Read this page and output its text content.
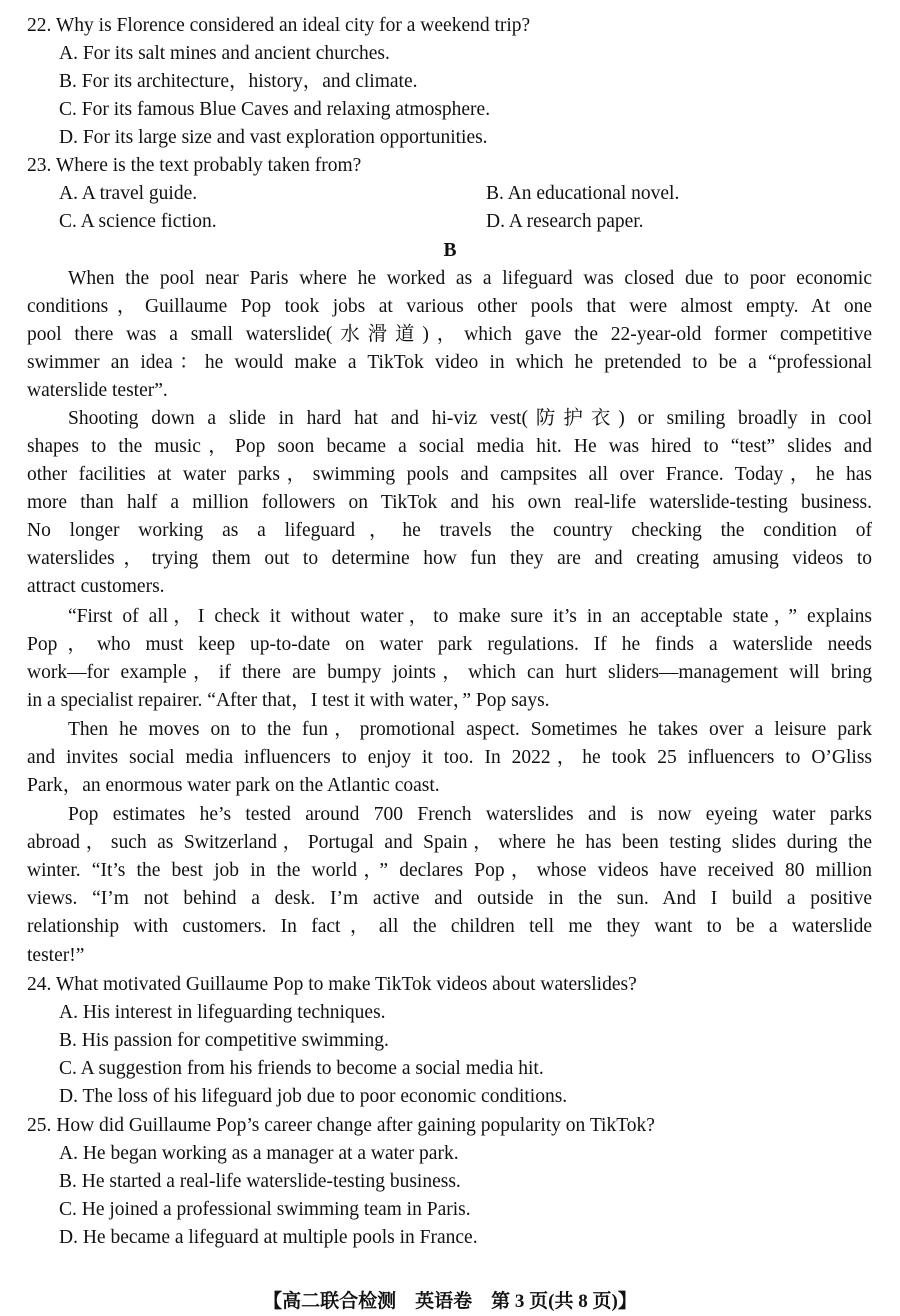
22. Why is Florence considered an ideal city for a weekend trip?
A. For its salt mines and ancient churches.
B. For its architecture，history，and climate.
C. For its famous Blue Caves and relaxing atmosphere.
D. For its large size and vast exploration opportunities.
23. Where is the text probably taken from?
A. A travel guide.	B. An educational novel.
C. A science fiction.	D. A research paper.
B
When the pool near Paris where he worked as a lifeguard was closed due to poor economic
conditions，Guillaume Pop took jobs at various other pools that were almost empty. At one
pool there was a small waterslide(水滑道)，which gave the 22-year-old former competitive
swimmer an idea：he would make a TikTok video in which he pretended to be a “professional
waterslide tester”.
Shooting down a slide in hard hat and hi-viz vest(防护衣) or smiling broadly in cool
shapes to the music，Pop soon became a social media hit. He was hired to “test” slides and
other facilities at water parks，swimming pools and campsites all over France. Today，he has
more than half a million followers on TikTok and his own real-life waterslide-testing business.
No longer working as a lifeguard，he travels the country checking the condition of
waterslides，trying them out to determine how fun they are and creating amusing videos to
attract customers.
“First of all，I check it without water，to make sure it’s in an acceptable state，” explains
Pop，who must keep up-to-date on water park regulations. If he finds a waterslide needs
work—for example，if there are bumpy joints，which can hurt sliders—management will bring
in a specialist repairer. “After that，I test it with water，” Pop says.
Then he moves on to the fun，promotional aspect. Sometimes he takes over a leisure park
and invites social media influencers to enjoy it too. In 2022，he took 25 influencers to O’Gliss
Park，an enormous water park on the Atlantic coast.
Pop estimates he’s tested around 700 French waterslides and is now eyeing water parks
abroad，such as Switzerland，Portugal and Spain，where he has been testing slides during the
winter. “It’s the best job in the world，” declares Pop，whose videos have received 80 million
views. “I’m not behind a desk. I’m active and outside in the sun. And I build a positive
relationship with customers. In fact，all the children tell me they want to be a waterslide
tester!”
24. What motivated Guillaume Pop to make TikTok videos about waterslides?
A. His interest in lifeguarding techniques.
B. His passion for competitive swimming.
C. A suggestion from his friends to become a social media hit.
D. The loss of his lifeguard job due to poor economic conditions.
25. How did Guillaume Pop’s career change after gaining popularity on TikTok?
A. He began working as a manager at a water park.
B. He started a real-life waterslide-testing business.
C. He joined a professional swimming team in Paris.
D. He became a lifeguard at multiple pools in France.
【高二联合检测　英语卷　第 3 页(共 8 页)】
